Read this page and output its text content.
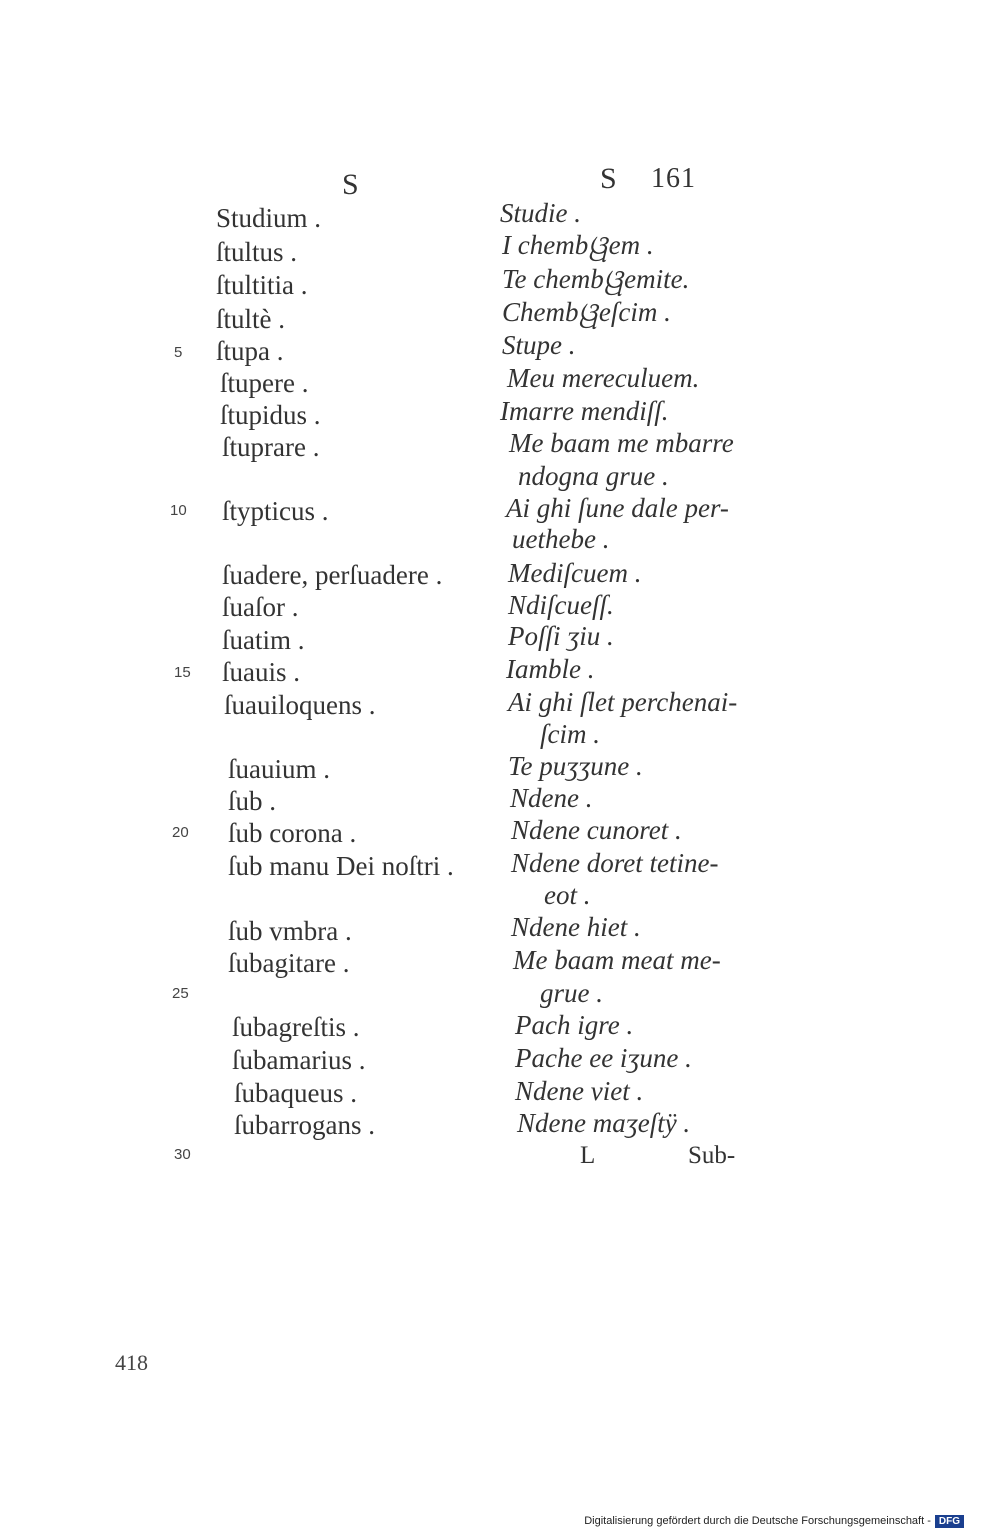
S	S 161
Studium .	Studie .
ſtultus .	I chembୱem .
ſtultitia .	Te chembୱemite.
ſtultè .	Chembୱeſcim .
5 ſtupa .	Stupe .
ſtupere .	Meu mereculuem.
ſtupidus .	Imarre mendiſſ.
ſtuprare .	Me baam me mbarre
ndogna grue .
10 ſtypticus .	Ai ghi ſune dale per-
uethebe .
ſuadere, perſuadere . Mediſcuem .
ſuaſor .	Ndiſcueſſ.
ſuatim .	Poſſi ʒiu .
15 ſuauis .	Iamble .
ſuauiloquens .	Ai ghi ſlet perchenai-
ſcim .
ſuauium .	Te puʒʒune .
ſub .	Ndene .
20 ſub corona .	Ndene cunoret .
ſub manu Dei noſtri . Ndene doret tetine-
eot .
ſub vmbra .	Ndene hiet .
ſubagitare .	Me baam meat me-
25	grue .
ſubagreſtis .	Pach igre .
ſubamarius .	Pache ee iʒune .
ſubaqueus .	Ndene viet .
ſubarrogans .	Ndene maʒeſtÿ .
30	L	Sub-
418
Digitalisierung gefördert durch die Deutsche Forschungsgemeinschaft - DFG
